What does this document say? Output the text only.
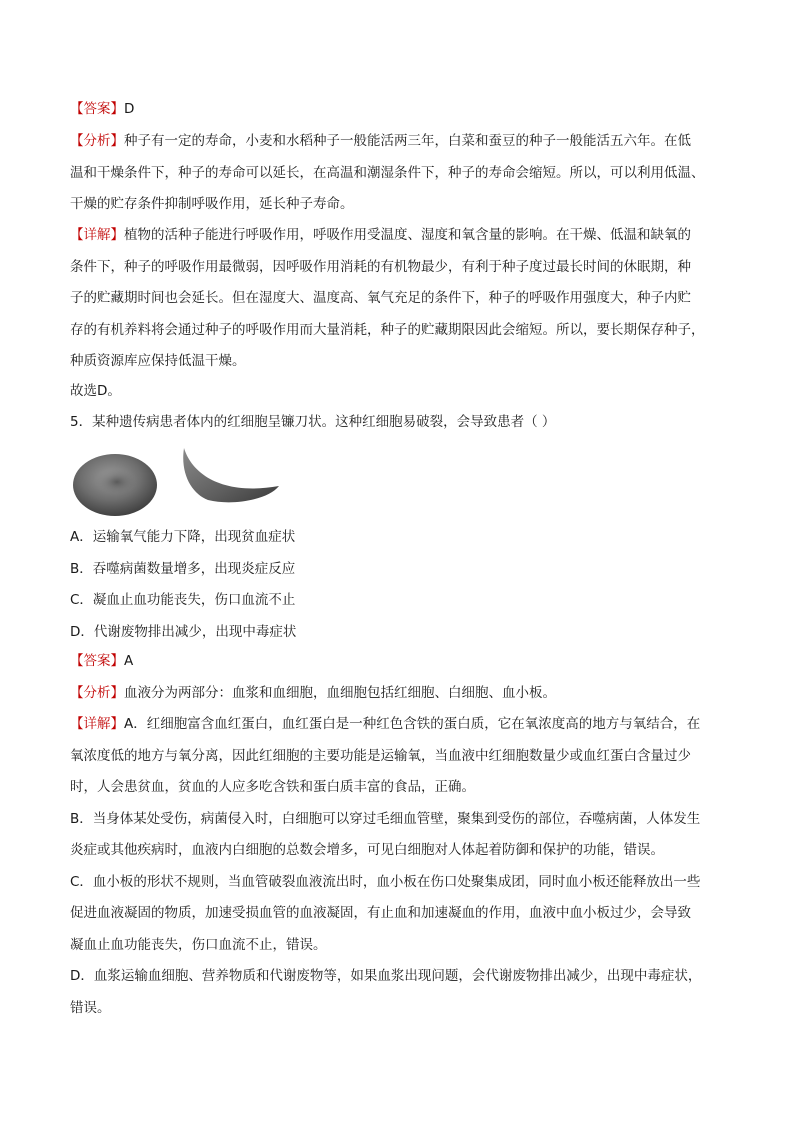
【答案】D

【分析】种子有一定的寿命，小麦和水稻种子一般能活两三年，白菜和蚕豆的种子一般能活五六年。在低
温和干燥条件下，种子的寿命可以延长，在高温和潮湿条件下，种子的寿命会缩短。所以，可以利用低温、
干燥的贮存条件抑制呼吸作用，延长种子寿命。
【详解】植物的活种子能进行呼吸作用，呼吸作用受温度、湿度和氧含量的影响。在干燥、低温和缺氧的
条件下，种子的呼吸作用最微弱，因呼吸作用消耗的有机物最少，有利于种子度过最长时间的休眠期，种
子的贮藏期时间也会延长。但在湿度大、温度高、氧气充足的条件下，种子的呼吸作用强度大，种子内贮
存的有机养料将会通过种子的呼吸作用而大量消耗，种子的贮藏期限因此会缩短。所以，要长期保存种子，
种质资源库应保持低温干燥。

故选D。

5．某种遗传病患者体内的红细胞呈镰刀状。这种红细胞易破裂，会导致患者（ ）

A．运输氧气能力下降，出现贫血症状
B．吞噬病菌数量增多，出现炎症反应
C．凝血止血功能丧失，伤口血流不止
D．代谢废物排出减少，出现中毒症状

【答案】A

【分析】血液分为两部分：血浆和血细胞，血细胞包括红细胞、白细胞、血小板。

【详解】A．红细胞富含血红蛋白，血红蛋白是一种红色含铁的蛋白质，它在氧浓度高的地方与氧结合，在
氧浓度低的地方与氧分离，因此红细胞的主要功能是运输氧，当血液中红细胞数量少或血红蛋白含量过少
时，人会患贫血，贫血的人应多吃含铁和蛋白质丰富的食品，正确。
B．当身体某处受伤，病菌侵入时，白细胞可以穿过毛细血管壁，聚集到受伤的部位，吞噬病菌，人体发生
炎症或其他疾病时，血液内白细胞的总数会增多，可见白细胞对人体起着防御和保护的功能，错误。
C．血小板的形状不规则，当血管破裂血液流出时，血小板在伤口处聚集成团，同时血小板还能释放出一些
促进血液凝固的物质，加速受损血管的血液凝固，有止血和加速凝血的作用，血液中血小板过少，会导致
凝血止血功能丧失，伤口血流不止，错误。
D．血浆运输血细胞、营养物质和代谢废物等，如果血浆出现问题，会代谢废物排出减少，出现中毒症状，
错误。
